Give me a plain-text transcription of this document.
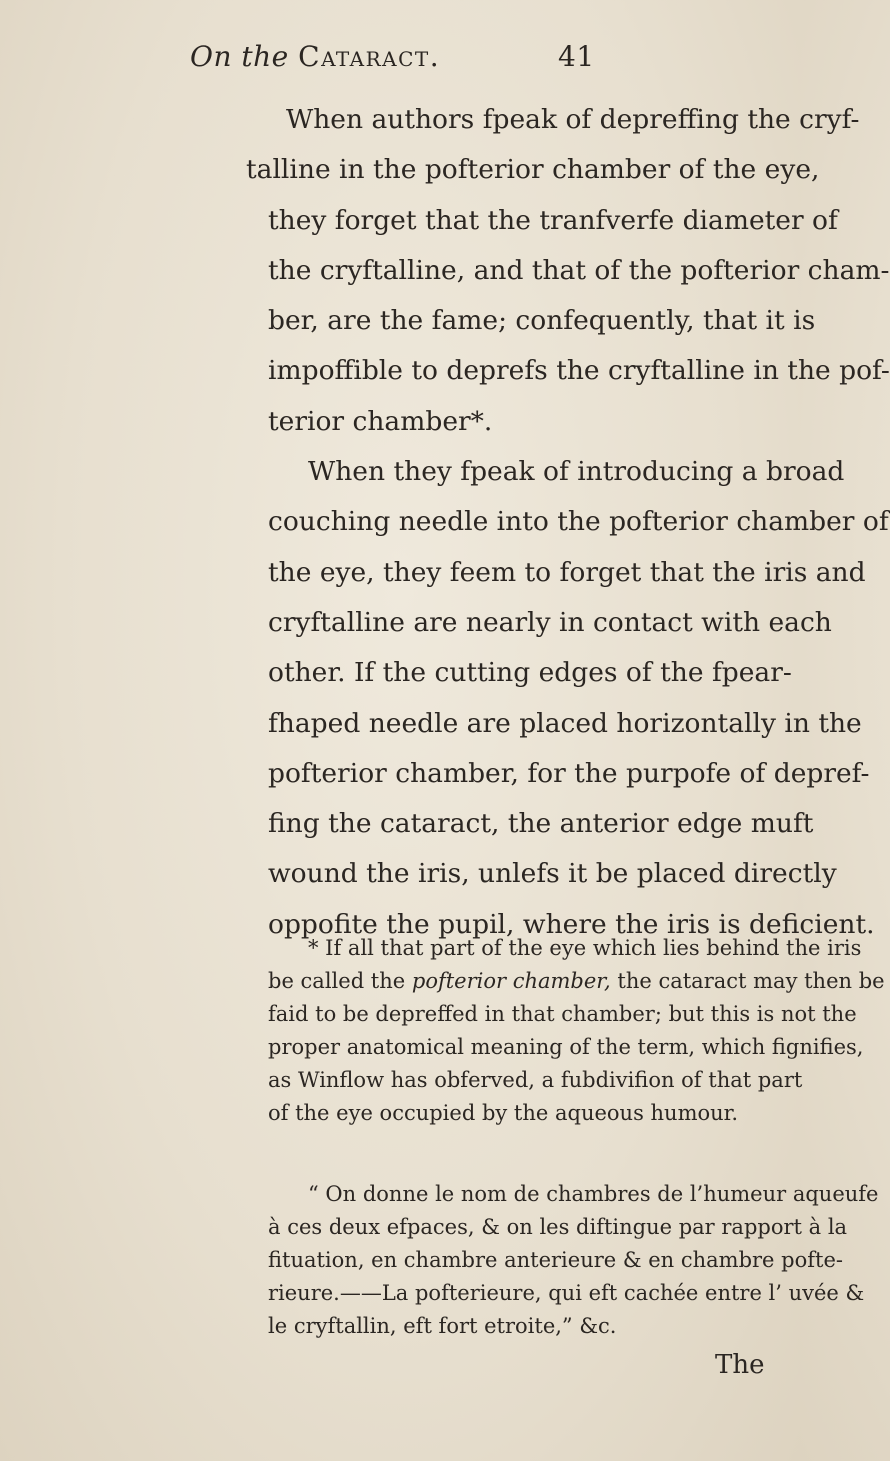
On the Cataract.	41
When authors fpeak of depreffing the cryf-
talline in the pofterior chamber of the eye,
they forget that the tranfverfe diameter of
the cryftalline, and that of the pofterior cham-
ber, are the fame; confequently, that it is
impoffible to deprefs the cryftalline in the pof-
terior chamber*.
When they fpeak of introducing a broad
couching needle into the pofterior chamber of
the eye, they feem to forget that the iris and
cryftalline are nearly in contact with each
other. If the cutting edges of the fpear-
fhaped needle are placed horizontally in the
pofterior chamber, for the purpofe of depref-
fing the cataract, the anterior edge muft
wound the iris, unlefs it be placed directly
oppofite the pupil, where the iris is deficient.
* If all that part of the eye which lies behind the iris
be called the pofterior chamber, the cataract may then be
faid to be depreffed in that chamber; but this is not the
proper anatomical meaning of the term, which fignifies,
as Winflow has obferved, a fubdivifion of that part
of the eye occupied by the aqueous humour.
“ On donne le nom de chambres de l’humeur aqueufe
à ces deux efpaces, & on les diftingue par rapport à la
fituation, en chambre anterieure & en chambre pofte-
rieure.——La pofterieure, qui eft cachée entre l’ uvée &
le cryftallin, eft fort etroite,” &c.
The
